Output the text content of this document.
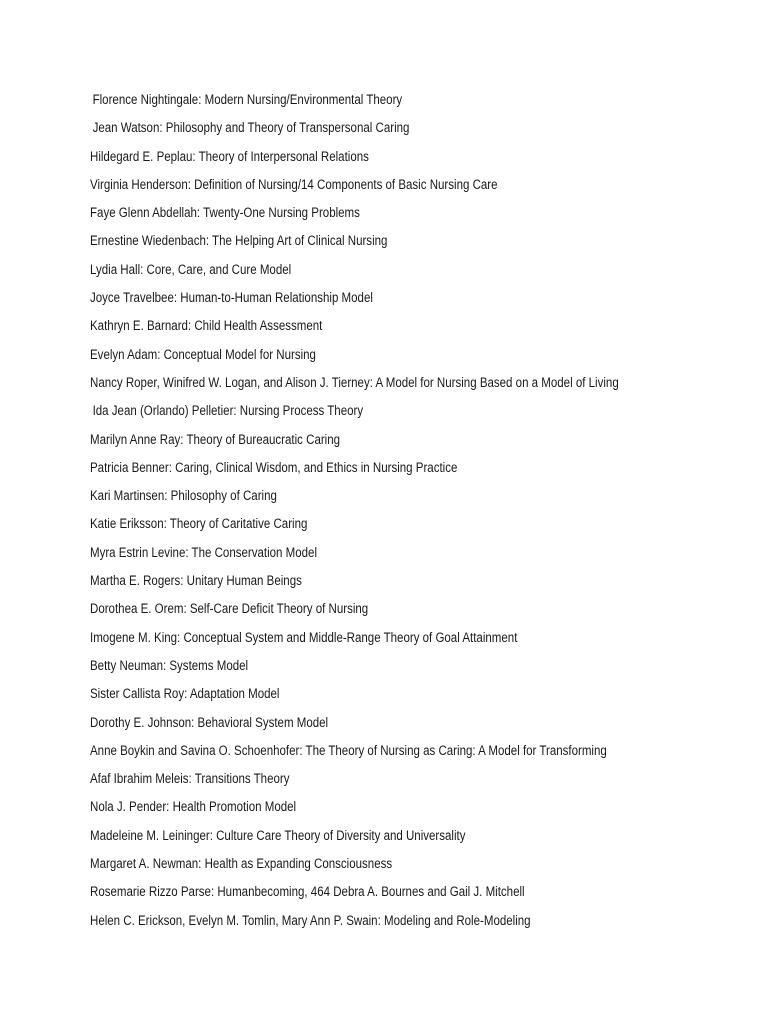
Florence Nightingale: Modern Nursing/Environmental Theory
Jean Watson: Philosophy and Theory of Transpersonal Caring
Hildegard E. Peplau: Theory of Interpersonal Relations
Virginia Henderson: Definition of Nursing/14 Components of Basic Nursing Care
Faye Glenn Abdellah: Twenty-One Nursing Problems
Ernestine Wiedenbach: The Helping Art of Clinical Nursing
Lydia Hall: Core, Care, and Cure Model
Joyce Travelbee: Human-to-Human Relationship Model
Kathryn E. Barnard: Child Health Assessment
Evelyn Adam: Conceptual Model for Nursing
Nancy Roper, Winifred W. Logan, and Alison J. Tierney: A Model for Nursing Based on a Model of Living
Ida Jean (Orlando) Pelletier: Nursing Process Theory
Marilyn Anne Ray: Theory of Bureaucratic Caring
Patricia Benner: Caring, Clinical Wisdom, and Ethics in Nursing Practice
Kari Martinsen: Philosophy of Caring
Katie Eriksson: Theory of Caritative Caring
Myra Estrin Levine: The Conservation Model
Martha E. Rogers: Unitary Human Beings
Dorothea E. Orem: Self-Care Deficit Theory of Nursing
Imogene M. King: Conceptual System and Middle-Range Theory of Goal Attainment
Betty Neuman: Systems Model
Sister Callista Roy: Adaptation Model
Dorothy E. Johnson: Behavioral System Model
Anne Boykin and Savina O. Schoenhofer: The Theory of Nursing as Caring: A Model for Transforming
Afaf Ibrahim Meleis: Transitions Theory
Nola J. Pender: Health Promotion Model
Madeleine M. Leininger: Culture Care Theory of Diversity and Universality
Margaret A. Newman: Health as Expanding Consciousness
Rosemarie Rizzo Parse: Humanbecoming, 464 Debra A. Bournes and Gail J. Mitchell
Helen C. Erickson, Evelyn M. Tomlin, Mary Ann P. Swain: Modeling and Role-Modeling
